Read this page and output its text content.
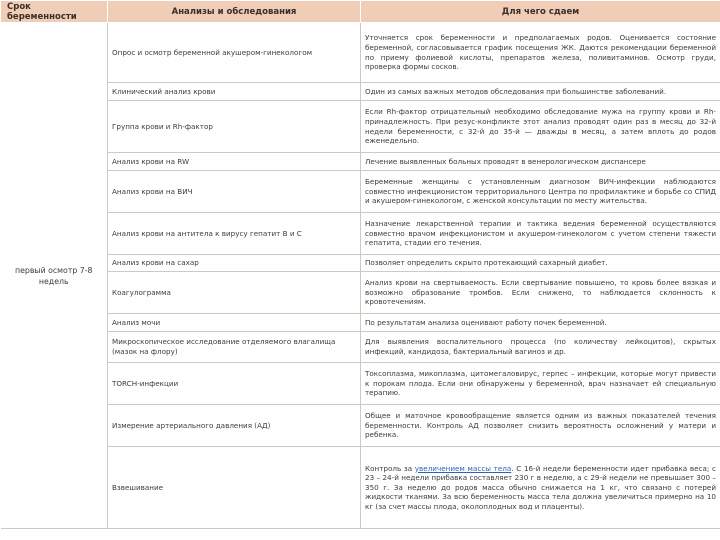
Срок беременности	Анализы и обследования	Для чего сдаем
первый осмотр 7-8 недель	Опрос и осмотр беременной акушером-гинекологом	Уточняется срок беременности и предполагаемых родов. Оценивается состояние беременной, согласовывается график посещения ЖК. Даются рекомендации беременной по приему фолиевой кислоты, препаратов железа, поливитаминов. Осмотр груди, проверка формы сосков.
	Клинический анализ крови	Один из самых важных методов обследования при большинстве заболеваний.
	Группа крови и Rh-фактор	Если Rh-фактор отрицательный необходимо обследование мужа на группу крови и Rh-принадлежность. При резус-конфликте этот анализ проводят один раз в месяц до 32-й недели беременности, с 32-й до 35-й — дважды в месяц, а затем вплоть до родов еженедельно.
	Анализ крови на RW	Лечение выявленных больных проводят в венерологическом диспансере
	Анализ крови на ВИЧ	Беременные женщины с установленным диагнозом ВИЧ-инфекции наблюдаются совместно инфекционистом территориального Центра по профилактике и борьбе со СПИД и акушером-гинекологом, с женской консультации по месту жительства.
	Анализ крови на антитела к вирусу гепатит B и C	Назначение лекарственной терапии и тактика ведения беременной осуществляются совместно врачом инфекционистом и акушером-гинекологом с учетом степени тяжести гепатита, стадии его течения.
	Анализ крови на сахар	Позволяет определить скрыто протекающий сахарный диабет.
	Коагулограмма	Анализ крови на свертываемость. Если свертывание повышено, то кровь более вязкая и возможно образование тромбов. Если снижено, то наблюдается склонность к кровотечениям.
	Анализ мочи	По результатам анализа оценивают работу почек беременной.
	Микроскопическое исследование отделяемого влагалища (мазок на флору)	Для выявления воспалительного процесса (по количеству лейкоцитов), скрытых инфекций, кандидоза, бактериальный вагиноз и др.
	TORCH-инфекции	Токсоплазма, микоплазма, цитомегаловирус, герпес – инфекции, которые могут привести к порокам плода. Если они обнаружены у беременной, врач назначает ей специальную терапию.
	Измерение артериального давления (АД)	Общее и маточное кровообращение является одним из важных показателей течения беременности. Контроль АД позволяет снизить вероятность осложнений у матери и ребенка.
	Взвешивание	Контроль за увеличением массы тела. С 16-й недели беременности идет прибавка веса; с 23 – 24-й недели прибавка составляет 230 г в неделю, а с 29-й недели не превышает 300 – 350 г. За неделю до родов масса обычно снижается на 1 кг, что связано с потерей жидкости тканями. За всю беременность масса тела должна увеличиться примерно на 10 кг (за счет массы плода, околоплодных вод и плаценты).
